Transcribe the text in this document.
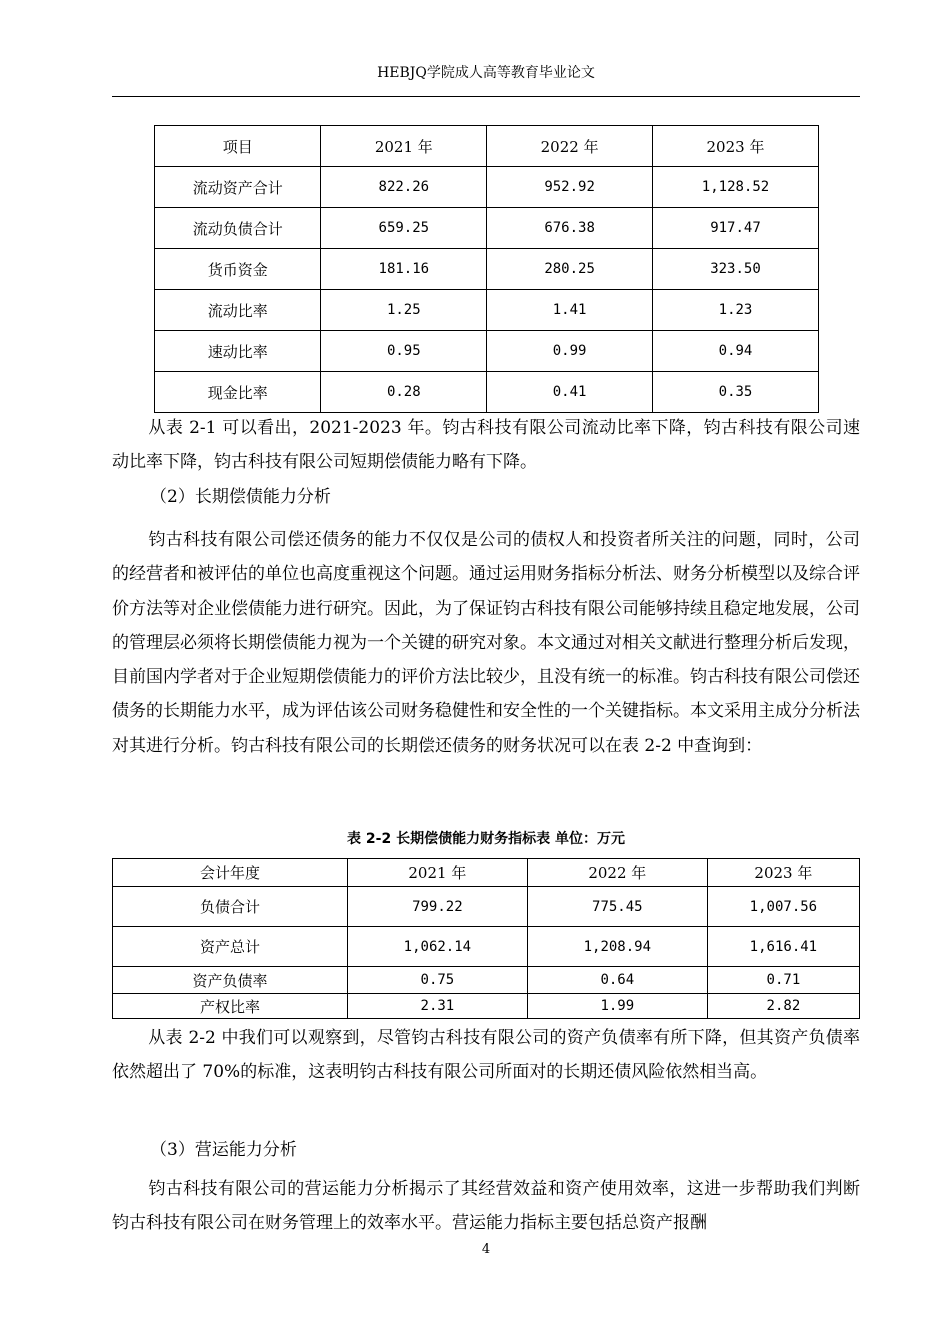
HEBJQ学院成人高等教育毕业论文
项目	2021 年	2022 年	2023 年
流动资产合计	822.26	952.92	1,128.52
流动负债合计	659.25	676.38	917.47
货币资金	181.16	280.25	323.50
流动比率	1.25	1.41	1.23
速动比率	0.95	0.99	0.94
现金比率	0.28	0.41	0.35

从表 2-1 可以看出，2021-2023 年。钧古科技有限公司流动比率下降，钧古科技有限公司速动比率下降，钧古科技有限公司短期偿债能力略有下降。

（2）长期偿债能力分析

钧古科技有限公司偿还债务的能力不仅仅是公司的债权人和投资者所关注的问题，同时，公司的经营者和被评估的单位也高度重视这个问题。通过运用财务指标分析法、财务分析模型以及综合评价方法等对企业偿债能力进行研究。因此，为了保证钧古科技有限公司能够持续且稳定地发展，公司的管理层必须将长期偿债能力视为一个关键的研究对象。本文通过对相关文献进行整理分析后发现，目前国内学者对于企业短期偿债能力的评价方法比较少，且没有统一的标准。钧古科技有限公司偿还债务的长期能力水平，成为评估该公司财务稳健性和安全性的一个关键指标。本文采用主成分分析法对其进行分析。钧古科技有限公司的长期偿还债务的财务状况可以在表 2-2 中查询到：

表 2-2 长期偿债能力财务指标表 单位：万元
会计年度	2021 年	2022 年	2023 年
负债合计	799.22	775.45	1,007.56
资产总计	1,062.14	1,208.94	1,616.41
资产负债率	0.75	0.64	0.71
产权比率	2.31	1.99	2.82

从表 2-2 中我们可以观察到，尽管钧古科技有限公司的资产负债率有所下降，但其资产负债率依然超出了 70%的标准，这表明钧古科技有限公司所面对的长期还债风险依然相当高。

（3）营运能力分析

钧古科技有限公司的营运能力分析揭示了其经营效益和资产使用效率，这进一步帮助我们判断钧古科技有限公司在财务管理上的效率水平。营运能力指标主要包括总资产报酬

4
